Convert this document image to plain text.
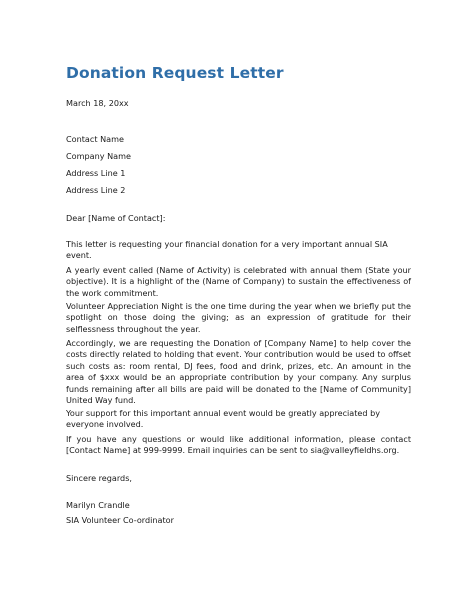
Donation Request Letter

March 18, 20xx

Contact Name

Company Name

Address Line 1

Address Line 2

Dear [Name of Contact]:

This letter is requesting your financial donation for a very important annual SIA event.

A yearly event called (Name of Activity) is celebrated with annual them (State your objective). It is a highlight of the (Name of Company) to sustain the effectiveness of the work commitment.

Volunteer Appreciation Night is the one time during the year when we briefly put the spotlight on those doing the giving; as an expression of gratitude for their selflessness throughout the year.

Accordingly, we are requesting the Donation of [Company Name] to help cover the costs directly related to holding that event. Your contribution would be used to offset such costs as: room rental, DJ fees, food and drink, prizes, etc. An amount in the area of $xxx would be an appropriate contribution by your company. Any surplus funds remaining after all bills are paid will be donated to the [Name of Community] United Way fund.

Your support for this important annual event would be greatly appreciated by everyone involved.

If you have any questions or would like additional information, please contact [Contact Name] at 999-9999. Email inquiries can be sent to sia@valleyfieldhs.org.

Sincere regards,

Marilyn Crandle

SIA Volunteer Co-ordinator
